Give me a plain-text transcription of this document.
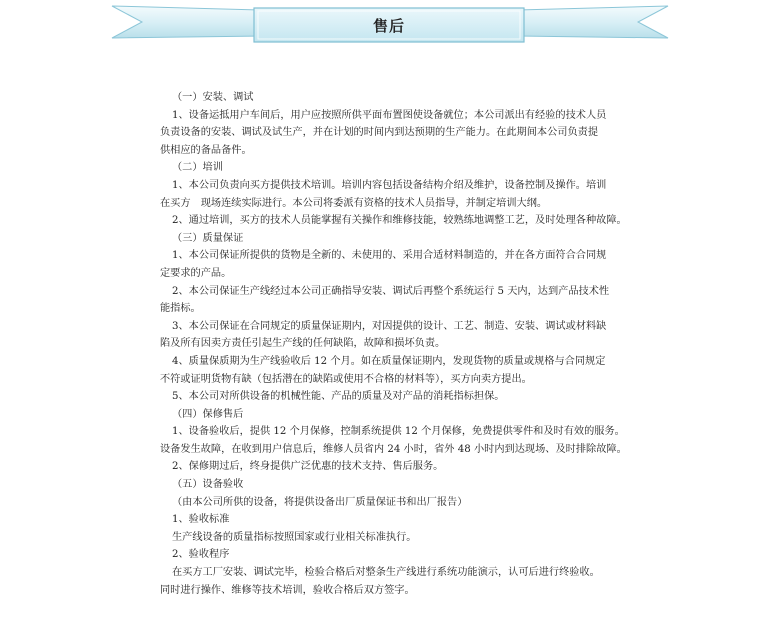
售后

（一）安装、调试

1、设备运抵用户车间后，用户应按照所供平面布置图使设备就位；本公司派出有经验的技术人员

负责设备的安装、调试及试生产，并在计划的时间内到达预期的生产能力。在此期间本公司负责提

供相应的备品备件。

（二）培训

1、本公司负责向买方提供技术培训。培训内容包括设备结构介绍及维护，设备控制及操作。培训

在买方　现场连续实际进行。本公司将委派有资格的技术人员指导，并制定培训大纲。

2、通过培训，买方的技术人员能掌握有关操作和维修技能，较熟练地调整工艺，及时处理各种故障。

（三）质量保证

1、本公司保证所提供的货物是全新的、未使用的、采用合适材料制造的，并在各方面符合合同规

定要求的产品。

2、本公司保证生产线经过本公司正确指导安装、调试后再整个系统运行 5 天内，达到产品技术性

能指标。

3、本公司保证在合同规定的质量保证期内，对因提供的设计、工艺、制造、安装、调试或材料缺

陷及所有因卖方责任引起生产线的任何缺陷，故障和损坏负责。

4、质量保质期为生产线验收后 12 个月。如在质量保证期内，发现货物的质量或规格与合同规定

不符或证明货物有缺（包括潜在的缺陷或使用不合格的材料等），买方向卖方提出。

5、本公司对所供设备的机械性能、产品的质量及对产品的消耗指标担保。

（四）保修售后

1、设备验收后，提供 12 个月保修，控制系统提供 12 个月保修，免费提供零件和及时有效的服务。

设备发生故障，在收到用户信息后，维修人员省内 24 小时，省外 48 小时内到达现场、及时排除故障。

2、保修期过后，终身提供广泛优惠的技术支持、售后服务。

（五）设备验收

（由本公司所供的设备，将提供设备出厂质量保证书和出厂报告）

1、验收标准

生产线设备的质量指标按照国家或行业相关标准执行。

2、验收程序

在买方工厂安装、调试完毕，检验合格后对整条生产线进行系统功能演示，认可后进行终验收。

同时进行操作、维修等技术培训，验收合格后双方签字。
